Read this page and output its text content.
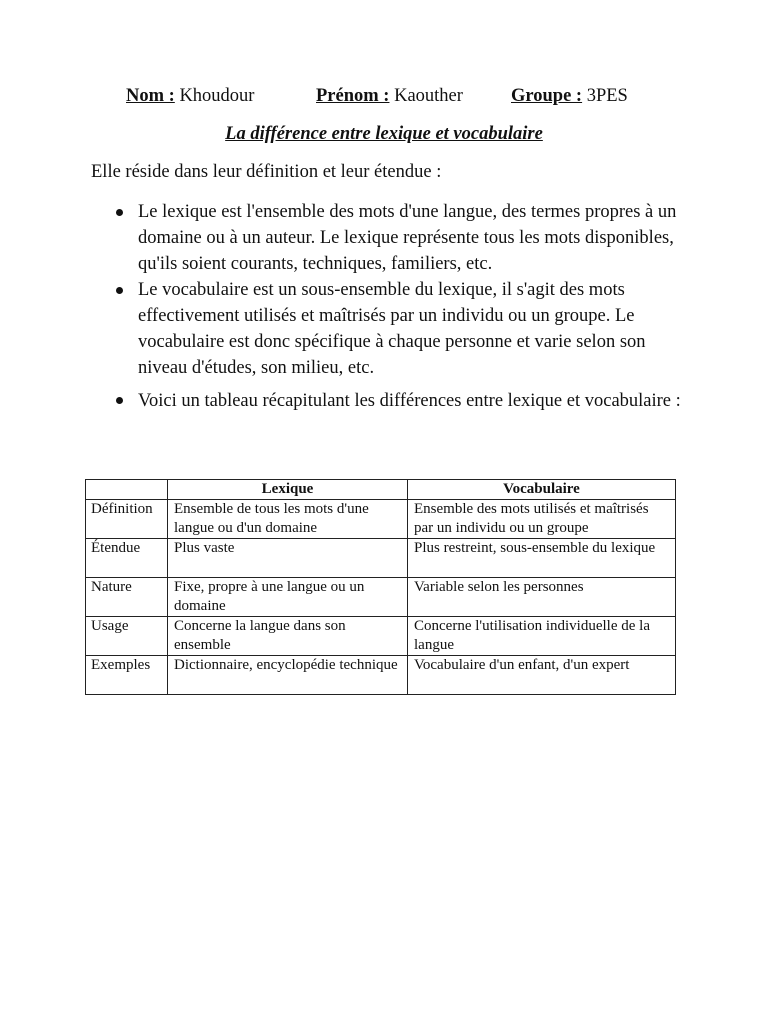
Nom : Khoudour	Prénom : Kaouther	Groupe : 3PES
La différence entre lexique et vocabulaire
Elle réside dans leur définition et leur étendue :
Le lexique est l'ensemble des mots d'une langue, des termes propres à un domaine ou à un auteur. Le lexique représente tous les mots disponibles, qu'ils soient courants, techniques, familiers, etc.
Le vocabulaire est un sous-ensemble du lexique, il s'agit des mots effectivement utilisés et maîtrisés par un individu ou un groupe. Le vocabulaire est donc spécifique à chaque personne et varie selon son niveau d'études, son milieu, etc.
Voici un tableau récapitulant les différences entre lexique et vocabulaire :
	Lexique	Vocabulaire
Définition	Ensemble de tous les mots d'une langue ou d'un domaine	Ensemble des mots utilisés et maîtrisés par un individu ou un groupe
Étendue	Plus vaste	Plus restreint, sous-ensemble du lexique
Nature	Fixe, propre à une langue ou un domaine	Variable selon les personnes
Usage	Concerne la langue dans son ensemble	Concerne l'utilisation individuelle de la langue
Exemples	Dictionnaire, encyclopédie technique	Vocabulaire d'un enfant, d'un expert
